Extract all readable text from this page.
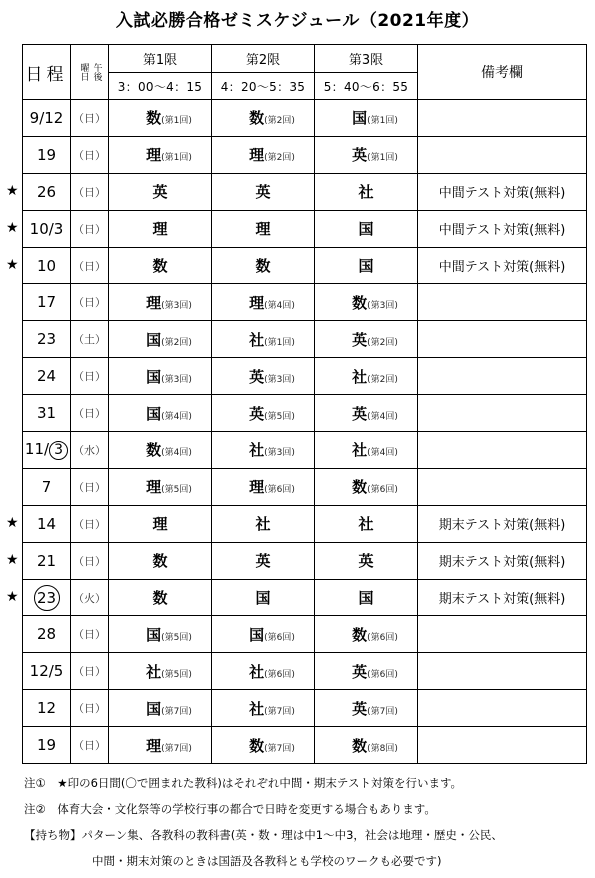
入試必勝合格ゼミスケジュール（2021年度）
日程	曜日 午後	第1限	第2限	第3限	備考欄
		3：00～4：15	4：20～5：35	5：40～6：55	
9/12	（日）	数(第1回)	数(第2回)	国(第1回)	
19	（日）	理(第1回)	理(第2回)	英(第1回)	
26	（日）	英	英	社	中間テスト対策(無料)
10/3	（日）	理	理	国	中間テスト対策(無料)
10	（日）	数	数	国	中間テスト対策(無料)
17	（日）	理(第3回)	理(第4回)	数(第3回)	
23	（土）	国(第2回)	社(第1回)	英(第2回)	
24	（日）	国(第3回)	英(第3回)	社(第2回)	
31	（日）	国(第4回)	英(第5回)	英(第4回)	
11/ 3	（水）	数(第4回)	社(第3回)	社(第4回)	
7	（日）	理(第5回)	理(第6回)	数(第6回)	
14	（日）	理	社	社	期末テスト対策(無料)
21	（日）	数	英	英	期末テスト対策(無料)
23	（火）	数	国	国	期末テスト対策(無料)
28	（日）	国(第5回)	国(第6回)	数(第6回)	
12/5	（日）	社(第5回)	社(第6回)	英(第6回)	
12	（日）	国(第7回)	社(第7回)	英(第7回)	
19	（日）	理(第7回)	数(第7回)	数(第8回)	
注①　★印の6日間(〇で囲まれた教科)はそれぞれ中間・期末テスト対策を行います。
注②　体育大会・文化祭等の学校行事の都合で日時を変更する場合もあります。
【持ち物】パターン集、各教科の教科書(英・数・理は中1～中3，社会は地理・歴史・公民、
中間・期末対策のときは国語及各教科とも学校のワークも必要です)
★
★
★
★
★
★
